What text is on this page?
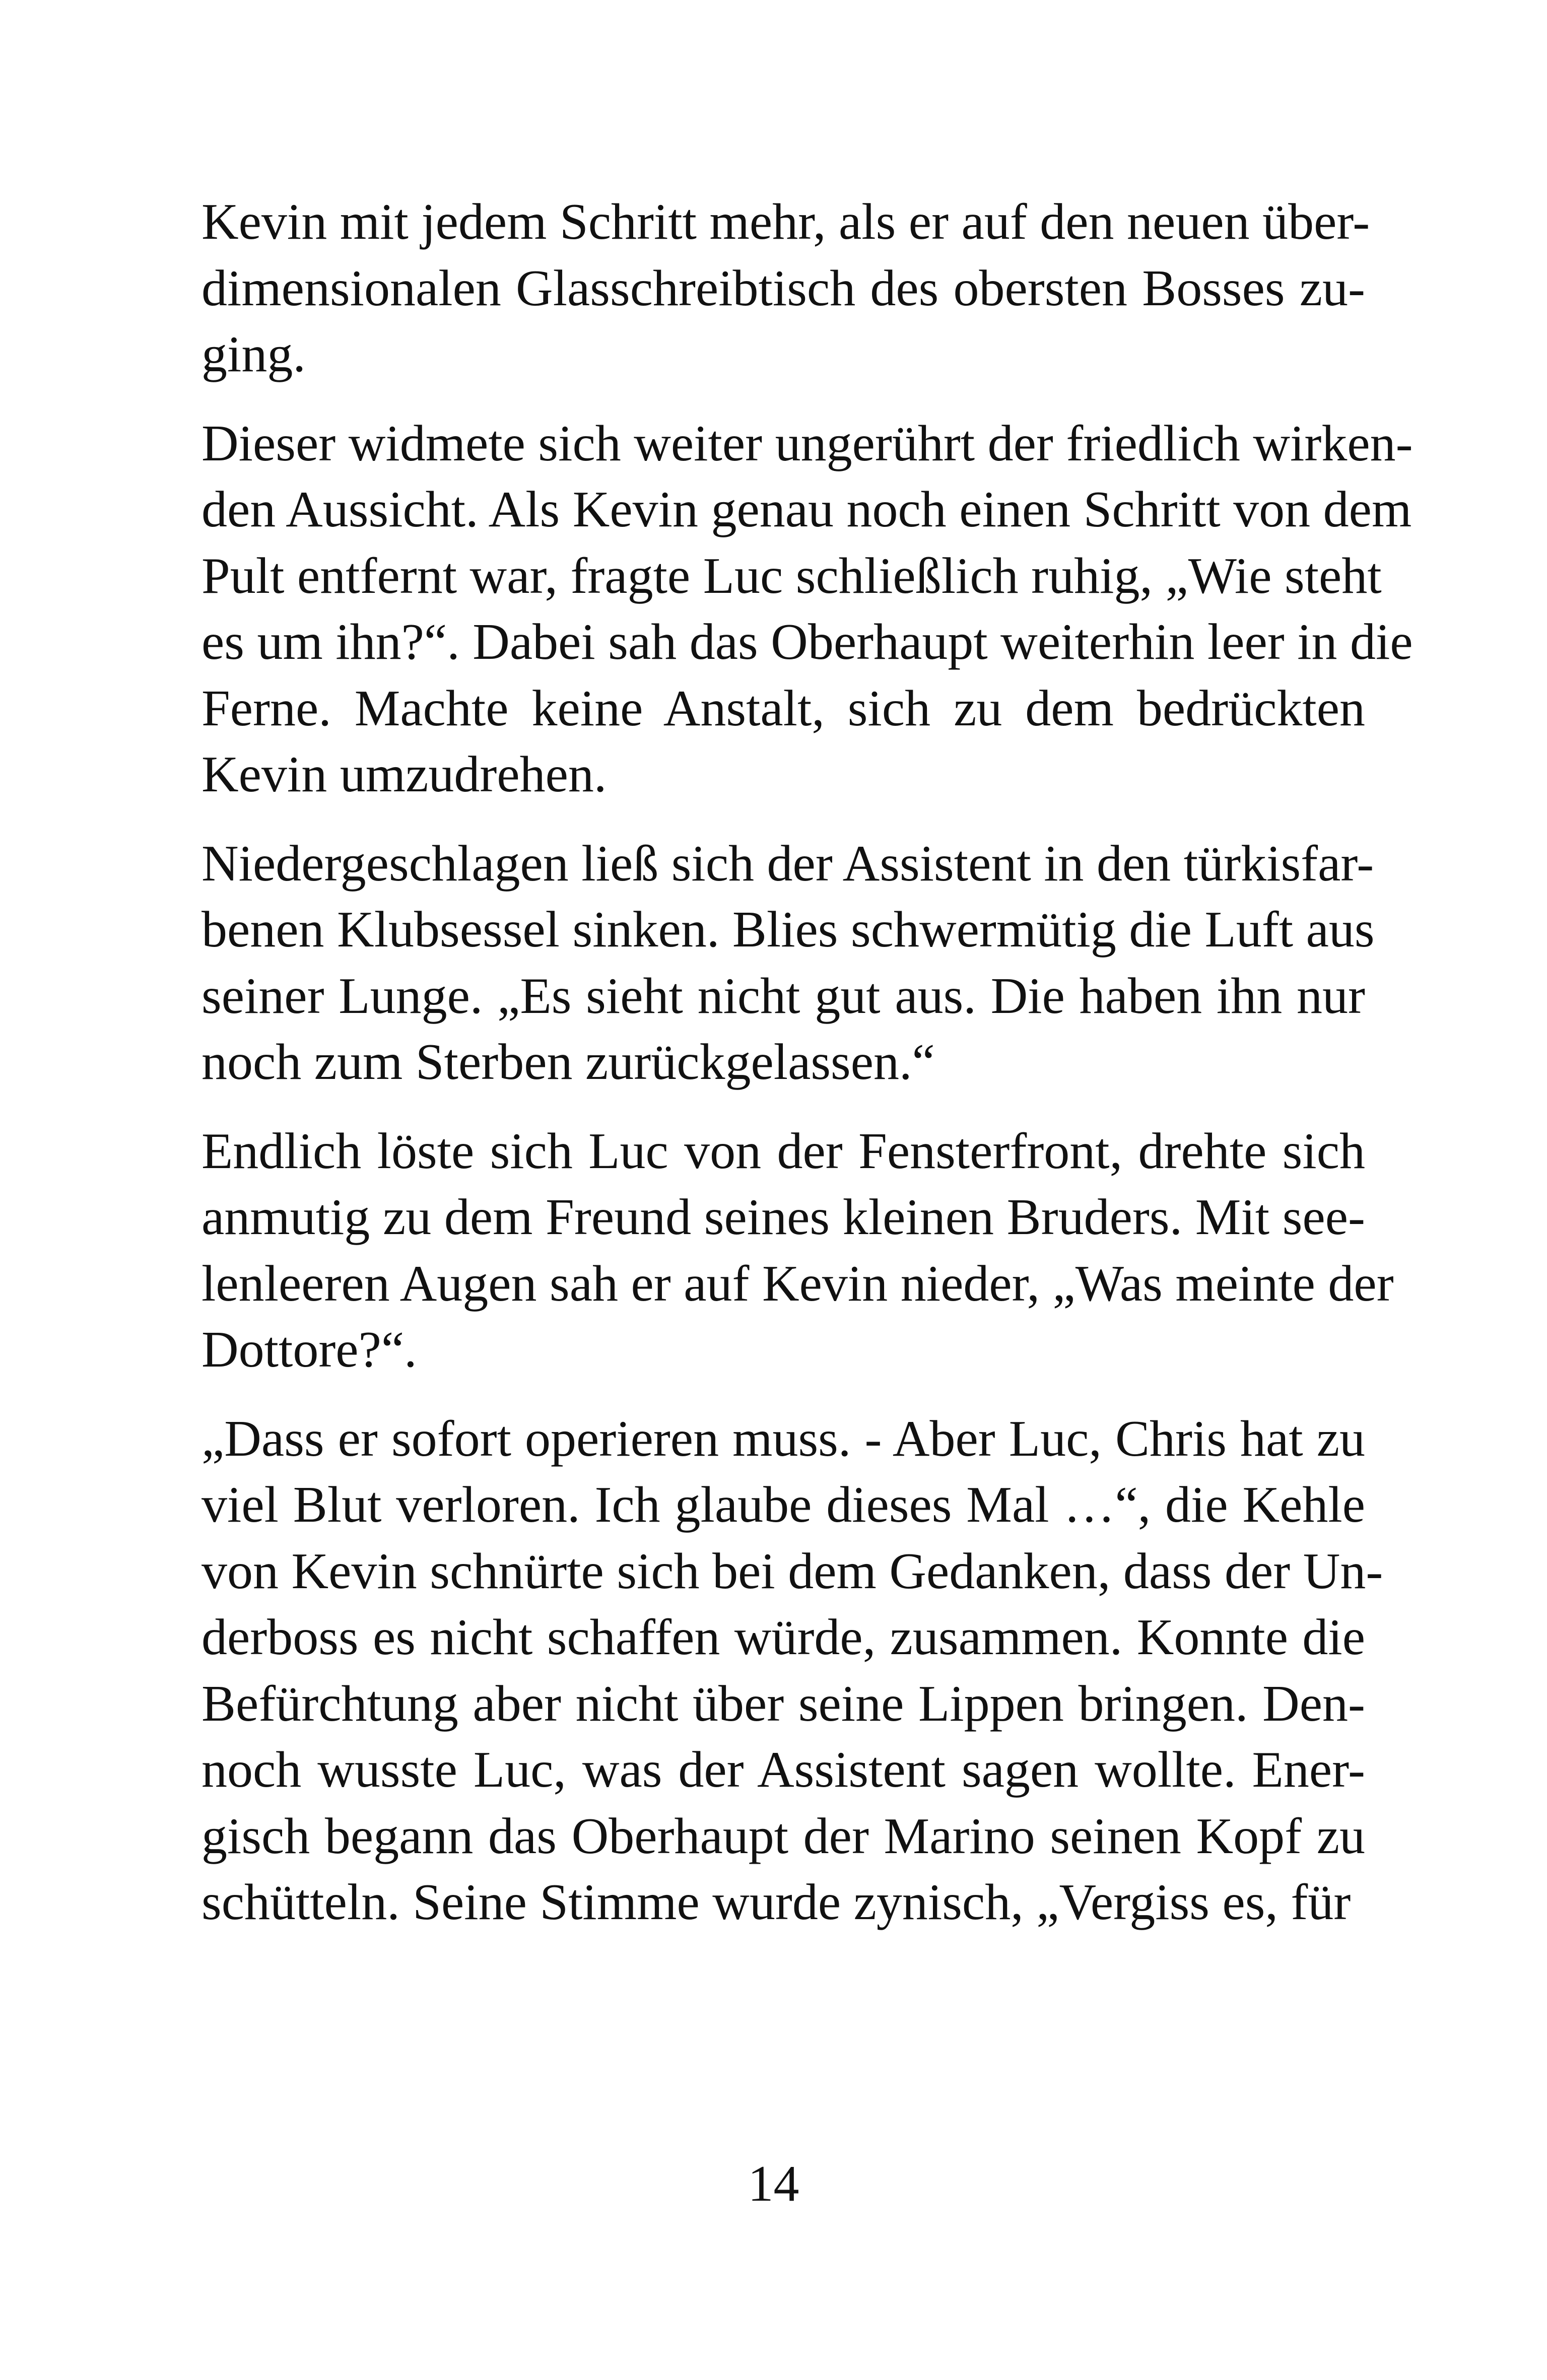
Kevin mit jedem Schritt mehr, als er auf den neuen über-
dimensionalen Glasschreibtisch des obersten Bosses zu-
ging.
Dieser widmete sich weiter ungerührt der friedlich wirken-
den Aussicht. Als Kevin genau noch einen Schritt von dem
Pult entfernt war, fragte Luc schließlich ruhig, „Wie steht
es um ihn?“. Dabei sah das Oberhaupt weiterhin leer in die
Ferne. Machte keine Anstalt, sich zu dem bedrückten
Kevin umzudrehen.
Niedergeschlagen ließ sich der Assistent in den türkisfar-
benen Klubsessel sinken. Blies schwermütig die Luft aus
seiner Lunge. „Es sieht nicht gut aus. Die haben ihn nur
noch zum Sterben zurückgelassen.“
Endlich löste sich Luc von der Fensterfront, drehte sich
anmutig zu dem Freund seines kleinen Bruders. Mit see-
lenleeren Augen sah er auf Kevin nieder, „Was meinte der
Dottore?“.
„Dass er sofort operieren muss. - Aber Luc, Chris hat zu
viel Blut verloren. Ich glaube dieses Mal …“, die Kehle
von Kevin schnürte sich bei dem Gedanken, dass der Un-
derboss es nicht schaffen würde, zusammen. Konnte die
Befürchtung aber nicht über seine Lippen bringen. Den-
noch wusste Luc, was der Assistent sagen wollte. Ener-
gisch begann das Oberhaupt der Marino seinen Kopf zu
schütteln. Seine Stimme wurde zynisch, „Vergiss es, für
14
